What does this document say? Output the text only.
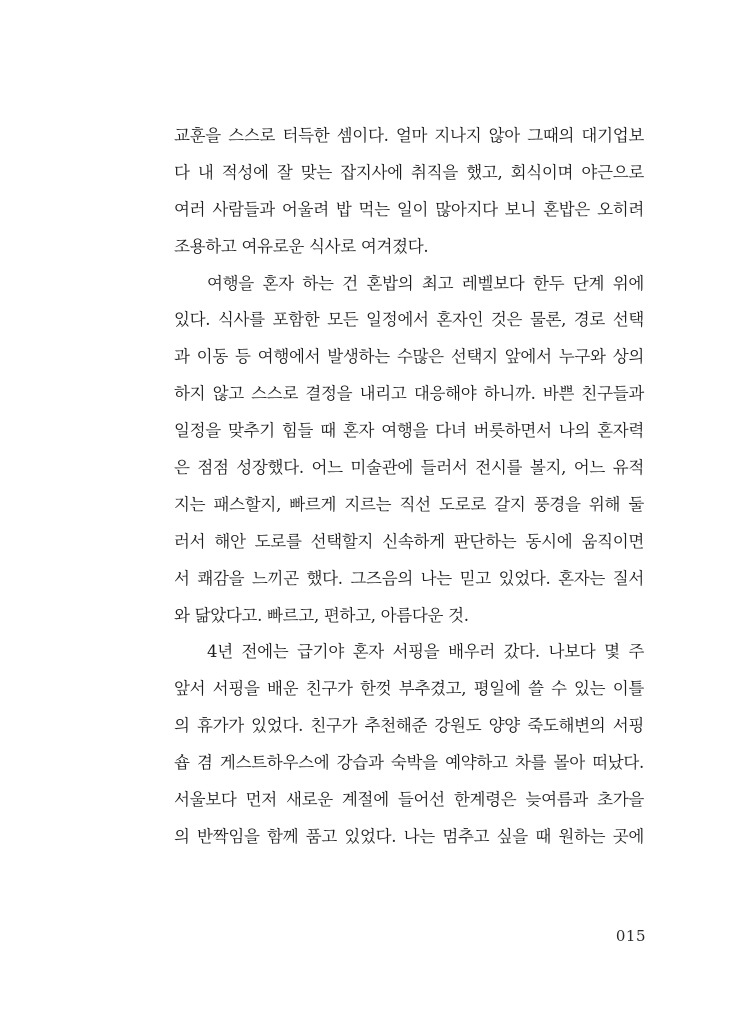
교훈을 스스로 터득한 셈이다. 얼마 지나지 않아 그때의 대기업보
다 내 적성에 잘 맞는 잡지사에 취직을 했고, 회식이며 야근으로
여러 사람들과 어울려 밥 먹는 일이 많아지다 보니 혼밥은 오히려
조용하고 여유로운 식사로 여겨졌다.
여행을 혼자 하는 건 혼밥의 최고 레벨보다 한두 단계 위에
있다. 식사를 포함한 모든 일정에서 혼자인 것은 물론, 경로 선택
과 이동 등 여행에서 발생하는 수많은 선택지 앞에서 누구와 상의
하지 않고 스스로 결정을 내리고 대응해야 하니까. 바쁜 친구들과
일정을 맞추기 힘들 때 혼자 여행을 다녀 버릇하면서 나의 혼자력
은 점점 성장했다. 어느 미술관에 들러서 전시를 볼지, 어느 유적
지는 패스할지, 빠르게 지르는 직선 도로로 갈지 풍경을 위해 둘
러서 해안 도로를 선택할지 신속하게 판단하는 동시에 움직이면
서 쾌감을 느끼곤 했다. 그즈음의 나는 믿고 있었다. 혼자는 질서
와 닮았다고. 빠르고, 편하고, 아름다운 것.
4년 전에는 급기야 혼자 서핑을 배우러 갔다. 나보다 몇 주
앞서 서핑을 배운 친구가 한껏 부추겼고, 평일에 쓸 수 있는 이틀
의 휴가가 있었다. 친구가 추천해준 강원도 양양 죽도해변의 서핑
숍 겸 게스트하우스에 강습과 숙박을 예약하고 차를 몰아 떠났다.
서울보다 먼저 새로운 계절에 들어선 한계령은 늦여름과 초가을
의 반짝임을 함께 품고 있었다. 나는 멈추고 싶을 때 원하는 곳에
015
